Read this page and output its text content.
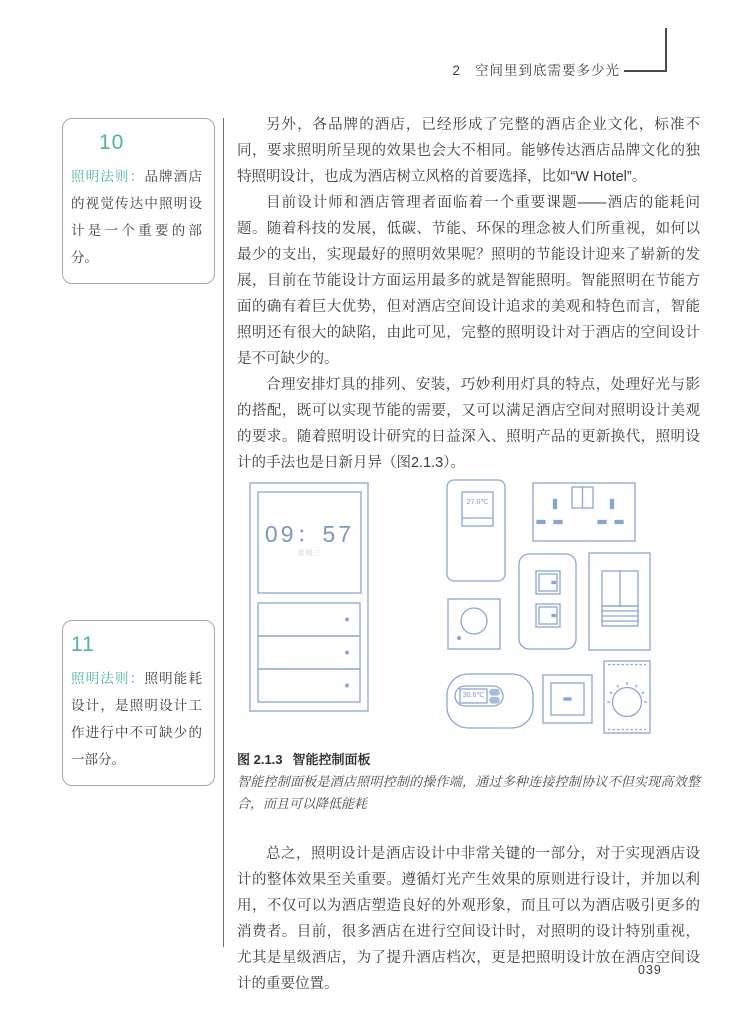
2 空间里到底需要多少光
10
照明法则：品牌酒店的视觉传达中照明设计是一个重要的部分。
11
照明法则：照明能耗设计，是照明设计工作进行中不可缺少的一部分。

另外，各品牌的酒店，已经形成了完整的酒店企业文化，标准不同，要求照明所呈现的效果也会大不相同。能够传达酒店品牌文化的独特照明设计，也成为酒店树立风格的首要选择，比如“W Hotel”。

目前设计师和酒店管理者面临着一个重要课题——酒店的能耗问题。随着科技的发展，低碳、节能、环保的理念被人们所重视，如何以最少的支出，实现最好的照明效果呢？照明的节能设计迎来了崭新的发展，目前在节能设计方面运用最多的就是智能照明。智能照明在节能方面的确有着巨大优势，但对酒店空间设计追求的美观和特色而言，智能照明还有很大的缺陷，由此可见，完整的照明设计对于酒店的空间设计是不可缺少的。

合理安排灯具的排列、安装，巧妙利用灯具的特点，处理好光与影的搭配，既可以实现节能的需要，又可以满足酒店空间对照明设计美观的要求。随着照明设计研究的日益深入、照明产品的更新换代，照明设计的手法也是日新月异（图2.1.3）。

09：57
星期三
27.0℃
30.6℃

图 2.1.3 智能控制面板

智能控制面板是酒店照明控制的操作端，通过多种连接控制协议不但实现高效整合，而且可以降低能耗

总之，照明设计是酒店设计中非常关键的一部分，对于实现酒店设计的整体效果至关重要。遵循灯光产生效果的原则进行设计，并加以利用，不仅可以为酒店塑造良好的外观形象，而且可以为酒店吸引更多的消费者。目前，很多酒店在进行空间设计时，对照明的设计特别重视，尤其是星级酒店，为了提升酒店档次，更是把照明设计放在酒店空间设计的重要位置。

039
